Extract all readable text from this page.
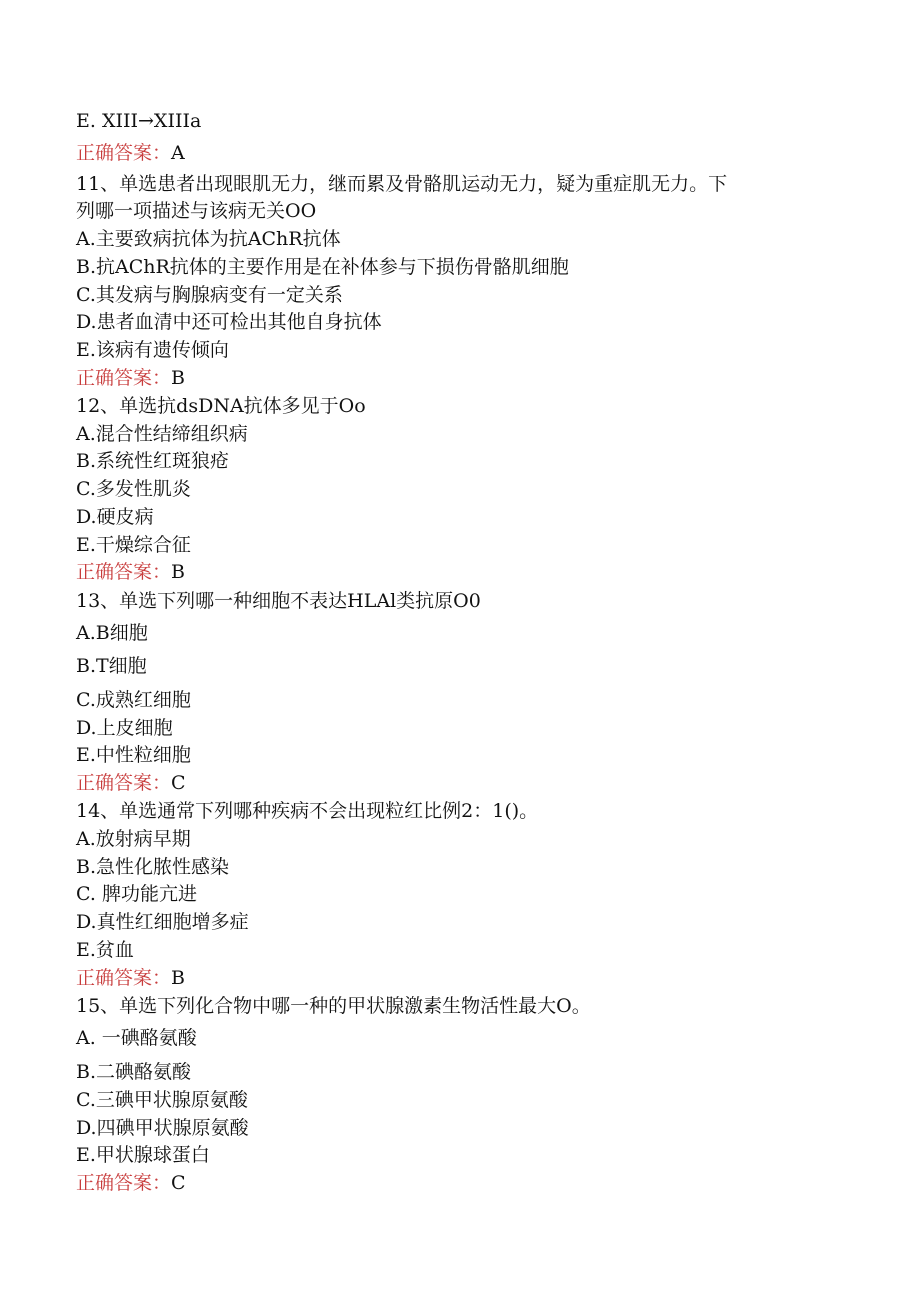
E. XIII→XIIIa
正确答案：A
11、单选患者出现眼肌无力，继而累及骨骼肌运动无力，疑为重症肌无力。下
列哪一项描述与该病无关OO
A.主要致病抗体为抗AChR抗体
B.抗AChR抗体的主要作用是在补体参与下损伤骨骼肌细胞
C.其发病与胸腺病变有一定关系
D.患者血清中还可检出其他自身抗体
E.该病有遗传倾向
正确答案：B
12、单选抗dsDNA抗体多见于Oo
A.混合性结缔组织病
B.系统性红斑狼疮
C.多发性肌炎
D.硬皮病
E.干燥综合征
正确答案：B
13、单选下列哪一种细胞不表达HLAl类抗原O0
A.B细胞
B.T细胞
C.成熟红细胞
D.上皮细胞
E.中性粒细胞
正确答案：C
14、单选通常下列哪种疾病不会出现粒红比例2：1()。
A.放射病早期
B.急性化脓性感染
C. 脾功能亢进
D.真性红细胞增多症
E.贫血
正确答案：B
15、单选下列化合物中哪一种的甲状腺激素生物活性最大O。
A. 一碘酪氨酸
B.二碘酪氨酸
C.三碘甲状腺原氨酸
D.四碘甲状腺原氨酸
E.甲状腺球蛋白
正确答案：C
